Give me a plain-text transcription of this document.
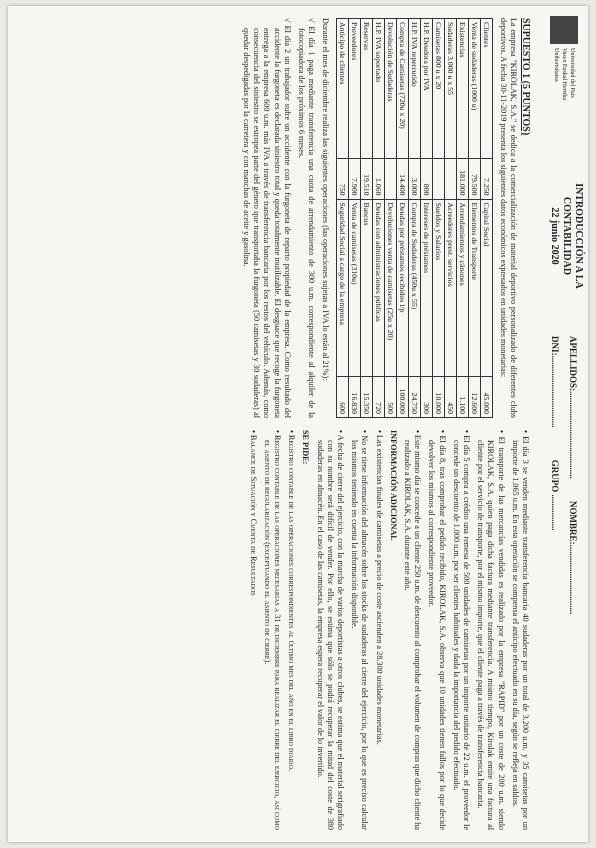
Universidad del País Vasco Euskal Herriko Unibertsitatea
INTRODUCCIÓN A LA
CONTABILIDAD
22 junio 2020
APELLIDOS:....................................... NOMBRE:...............................
DNI:................................ GRUPO ................
SUPUESTO 1 (5 PUNTOS)

La empresa "KIROLAK, S.A." se dedica a la comercialización de material deportivo personalizado de diferentes clubs deportivos. A fecha 30-11-2019 presenta los siguientes datos económicos expresados en unidades monetarias:

Clientes	7.250	Capital Social	45.000
Venta de sudaderas (1000 u)	79.500	Elementos de Transporte	12.600
Existencias	181.000	Arrendamientos y cánones	1.100
Sudaderas 3.000 u x 55		Acreedores prest. servicios	450
Camisetas 800 u x 20		Sueldos y Salarios	10.000
H.P. Deudora por IVA	800	Intereses de préstamos	300
H.P. IVA repercutido	3.000	Compra de Sudaderas (450u x 55)	24.750
Compra de Camisetas (720u x 20)	14.400	Deudas por préstamos recibidos l/p	100.000
Devolución de Sudaderas		Devoluciones venta de camisetas (25u x 20)	500
H.P. IVA soportado	1.060	Deudas con administraciones públicas	720
Reservas	19.510	Bancos	15.350
Proveedores	7.900	Venta de camisetas (310u)	16.830
Anticipo de clientes	750	Seguridad Social a cargo de la empresa	600

Durante el mes de diciembre realiza las siguientes operaciones (las operaciones sujetas a IVA lo están al 21%):

√ El día 1 paga mediante transferencia una cuota de arrendamiento de 300 u.m. correspondiente al alquiler de la fotocopiadora de los próximos 6 meses.

√ El día 2 un trabajador sufre un accidente con la furgoneta de reparto propiedad de la empresa. Como resultado del accidente la furgoneta es declarada siniestro total y queda totalmente inutilizable. El desguace que recoge la furgoneta entrega a la empresa 600 u.m. más IVA a través de transferencia bancaria por los restos del vehículo. Además, como consecuencia del siniestro se estropea parte del género que transportaba la furgoneta (50 camisetas y 30 sudaderas) al quedar despedigadas por la carretera y con manchas de aceite y gasolina.

• El día 3 se venden mediante transferencia bancaria 40 sudaderas por un total de 3.200 u.m. y 35 camisetas por un importe de 1.065 u.m. En esta operación se compensa el anticipo efectuado en su día, según se refleja en saldos.

• El transporte de las mercancías vendidas es realizado por la empresa "RAPID" por un coste de 200 u.m. siendo KIROLAK, S.A. quien paga dicha factura mediante transferencia. A mismo tiempo, Kirolak emite una factura al cliente por el servicio de transporte, por el mismo importe, que el cliente paga a través de transferencia bancaria.

• El día 5 compra a crédito una remesa de 500 unidades de camisetas por un importe unitario de 22 u.m. el proveedor le concede un descuento de 1.000 u.m. por ser clientes habituales y dada la importancia del pedido efectuado.

• El día 8, tras comprobar el pedido recibido, KIROLAK, S.A. observa que 10 unidades tienen fallos por lo que decide devolver los mismos al correspondiente proveedor.

• Este mismo día se concede a un cliente 250 u.m. de descuento al comprobar el volumen de compras que dicho cliente ha realizado a KIROLAK, S.A. durante este año.

INFORMACIÓN ADICIONAL

• Las existencias finales de camisetas a precio de coste ascienden a 28.300 unidades monetarias.

• No se tiene información del almacén sobre los stocks de sudaderas al cierre del ejercicio, por lo que es preciso calcular los mismos teniendo en cuenta la información disponible.

• A fecha de cierre del ejercicio, con la marcha de varios deportistas a otros clubes, se estima que el material serigrafiado con su nombre será difícil de vender. Por ello, se estima que sólo se podrá recuperar la mitad del coste de 380 sudaderas en almacén. En el caso de las camisetas, la empresa espera recuperar el valor de lo invertido.

SE PIDE:

• Registro contable de las operaciones correspondientes al último mes del año en el libro diario.

• Registro contable de las operaciones necesarias a 31 de diciembre para realizar el cierre del ejercicio, así como el asiento de regularización (exceptuando el asiento de cierre).

• Balance de Situación y Cuenta de Resultados
